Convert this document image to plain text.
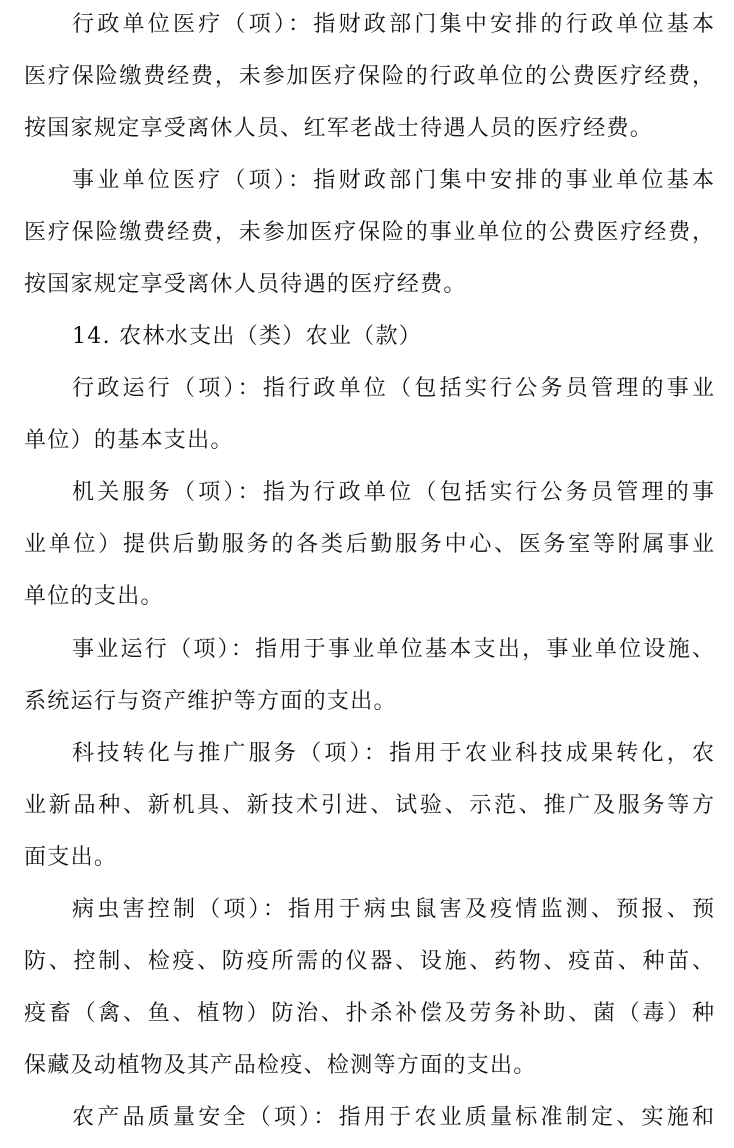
行政单位医疗（项）：指财政部门集中安排的行政单位基本
医疗保险缴费经费，未参加医疗保险的行政单位的公费医疗经费，
按国家规定享受离休人员、红军老战士待遇人员的医疗经费。
事业单位医疗（项）：指财政部门集中安排的事业单位基本
医疗保险缴费经费，未参加医疗保险的事业单位的公费医疗经费，
按国家规定享受离休人员待遇的医疗经费。
14. 农林水支出（类）农业（款）
行政运行（项）：指行政单位（包括实行公务员管理的事业
单位）的基本支出。
机关服务（项）：指为行政单位（包括实行公务员管理的事
业单位）提供后勤服务的各类后勤服务中心、医务室等附属事业
单位的支出。
事业运行（项）：指用于事业单位基本支出，事业单位设施、
系统运行与资产维护等方面的支出。
科技转化与推广服务（项）：指用于农业科技成果转化，农
业新品种、新机具、新技术引进、试验、示范、推广及服务等方
面支出。
病虫害控制（项）：指用于病虫鼠害及疫情监测、预报、预
防、控制、检疫、防疫所需的仪器、设施、药物、疫苗、种苗、
疫畜（禽、鱼、植物）防治、扑杀补偿及劳务补助、菌（毒）种
保藏及动植物及其产品检疫、检测等方面的支出。
农产品质量安全（项）：指用于农业质量标准制定、实施和
